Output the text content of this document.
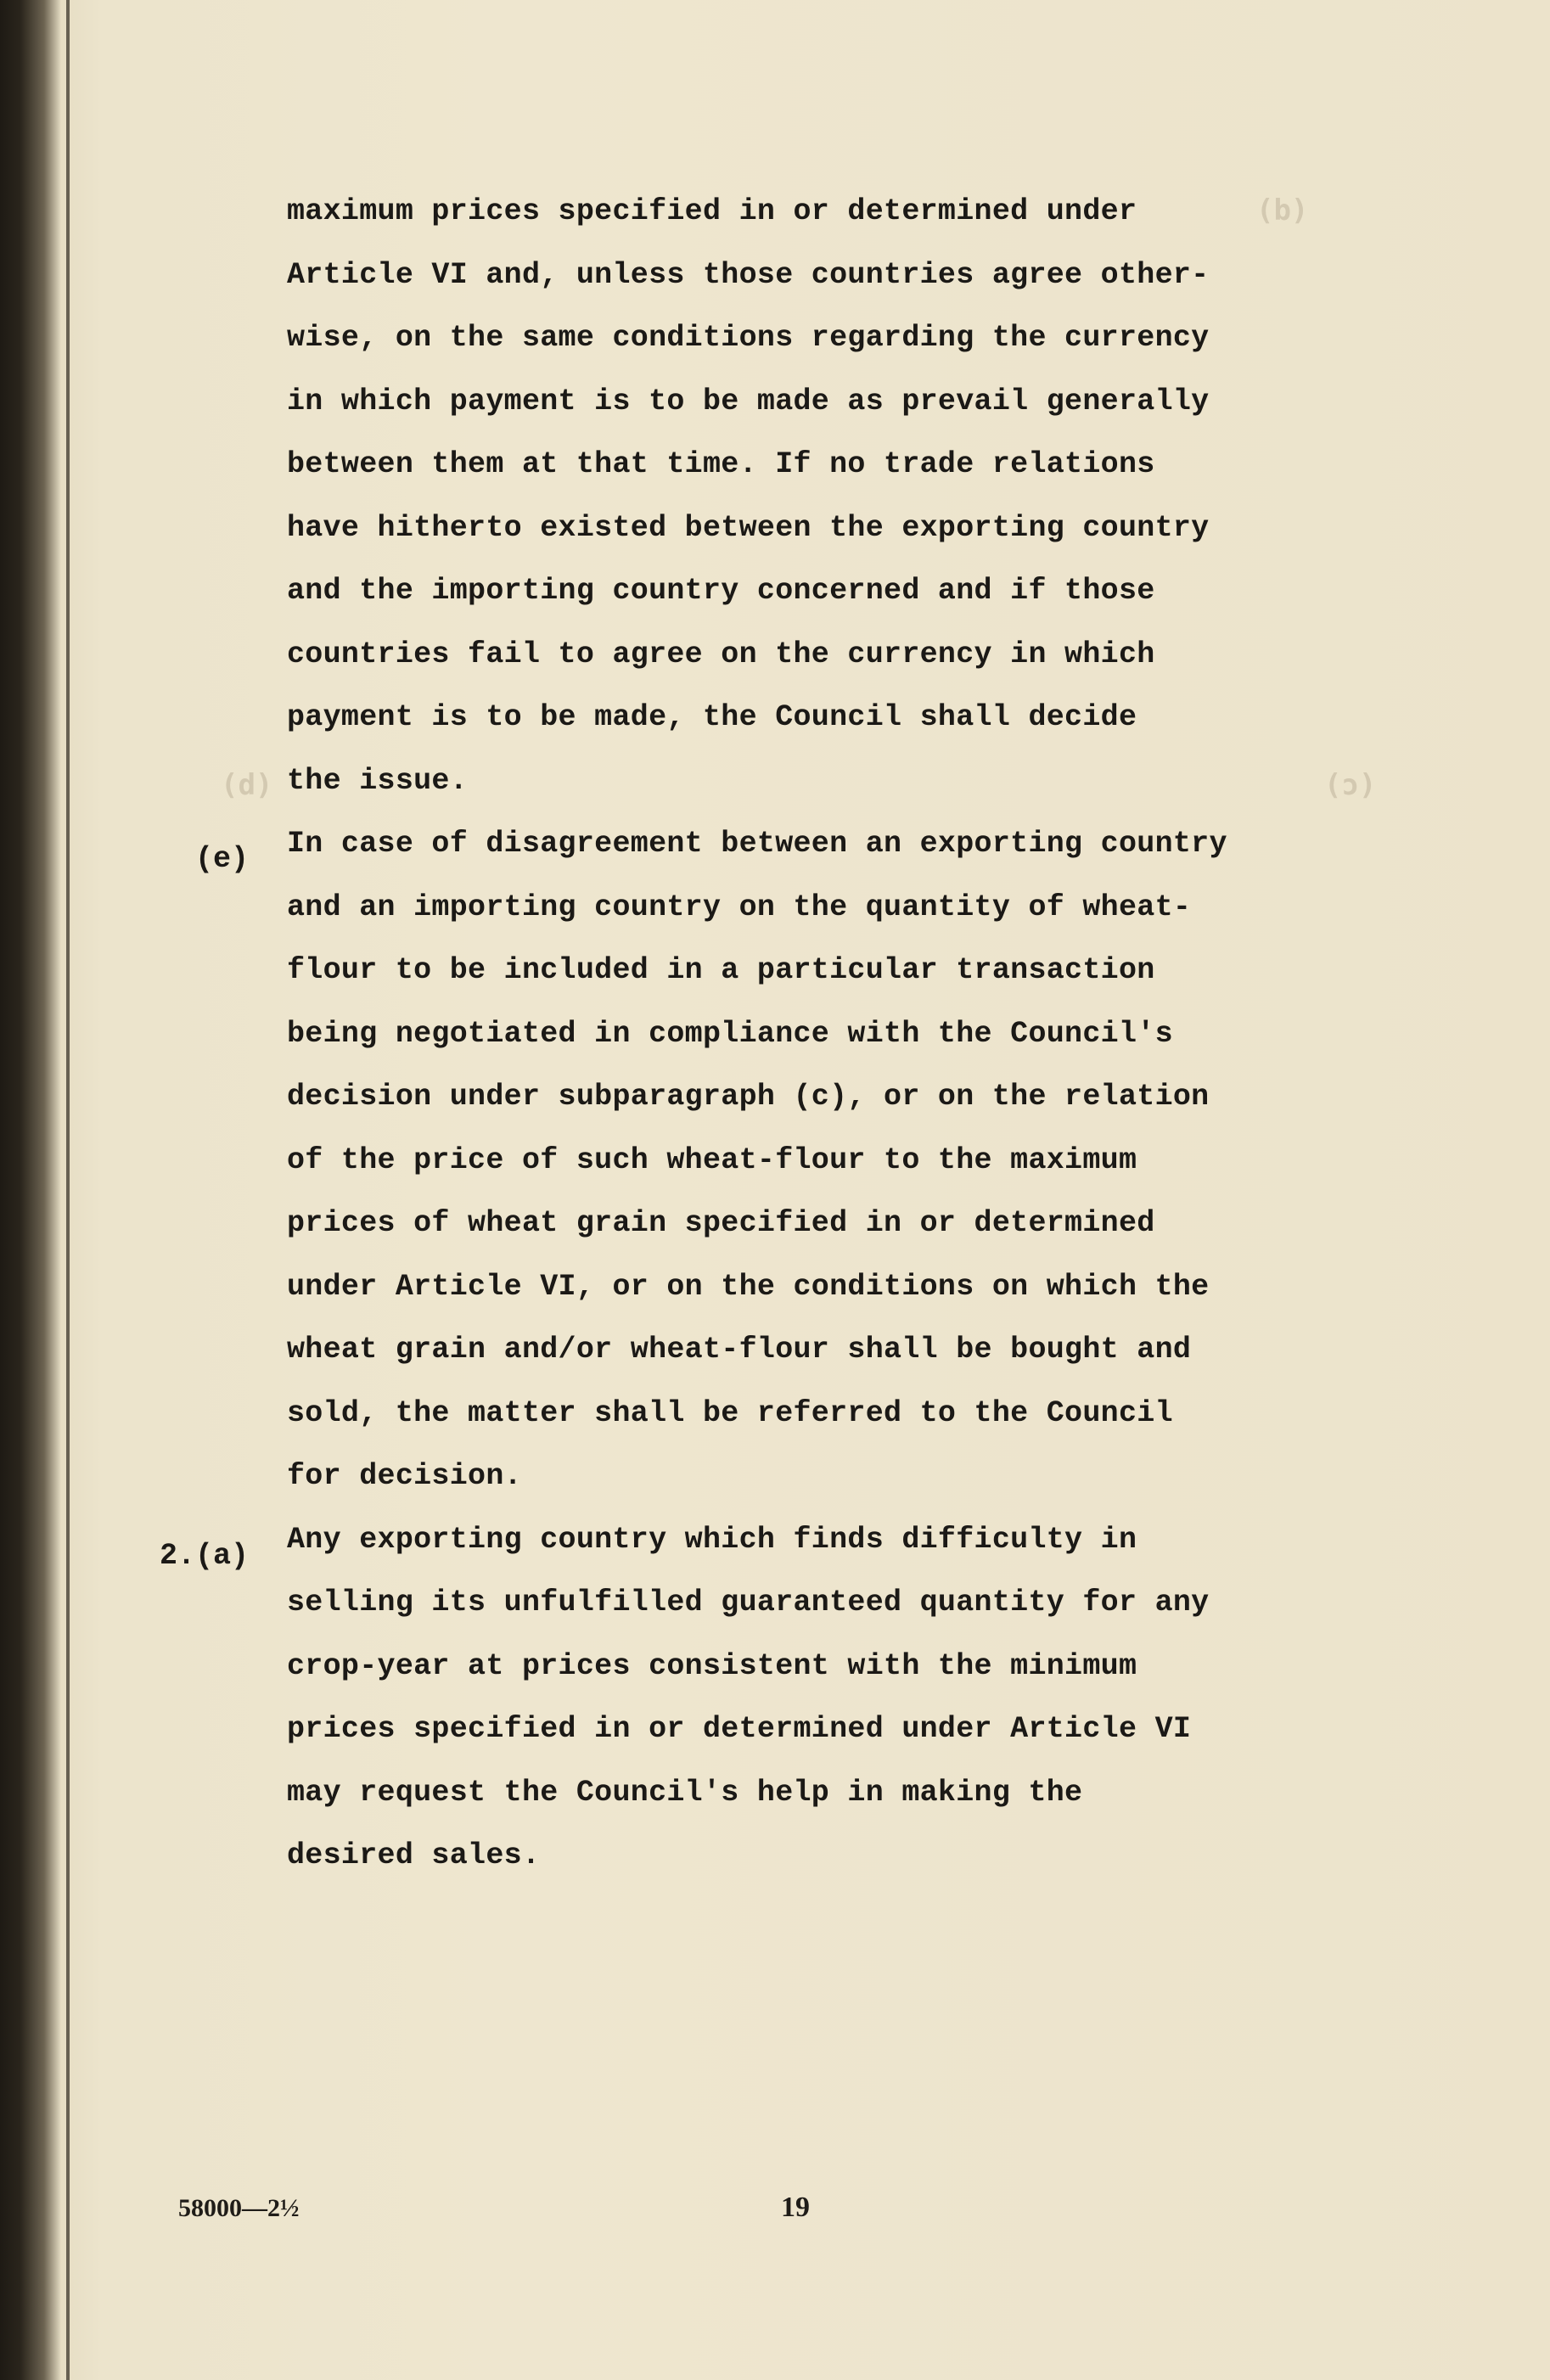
(d)
(c)
(b)
(e)
2.(a)
maximum prices specified in or determined under
Article VI and, unless those countries agree other-
wise, on the same conditions regarding the currency
in which payment is to be made as prevail generally
between them at that time. If no trade relations
have hitherto existed between the exporting country
and the importing country concerned and if those
countries fail to agree on the currency in which
payment is to be made, the Council shall decide
the issue.
In case of disagreement between an exporting country
and an importing country on the quantity of wheat-
flour to be included in a particular transaction
being negotiated in compliance with the Council's
decision under subparagraph (c), or on the relation
of the price of such wheat-flour to the maximum
prices of wheat grain specified in or determined
under Article VI, or on the conditions on which the
wheat grain and/or wheat-flour shall be bought and
sold, the matter shall be referred to the Council
for decision.
Any exporting country which finds difficulty in
selling its unfulfilled guaranteed quantity for any
crop-year at prices consistent with the minimum
prices specified in or determined under Article VI
may request the Council's help in making the
desired sales.
58000—2½	19
